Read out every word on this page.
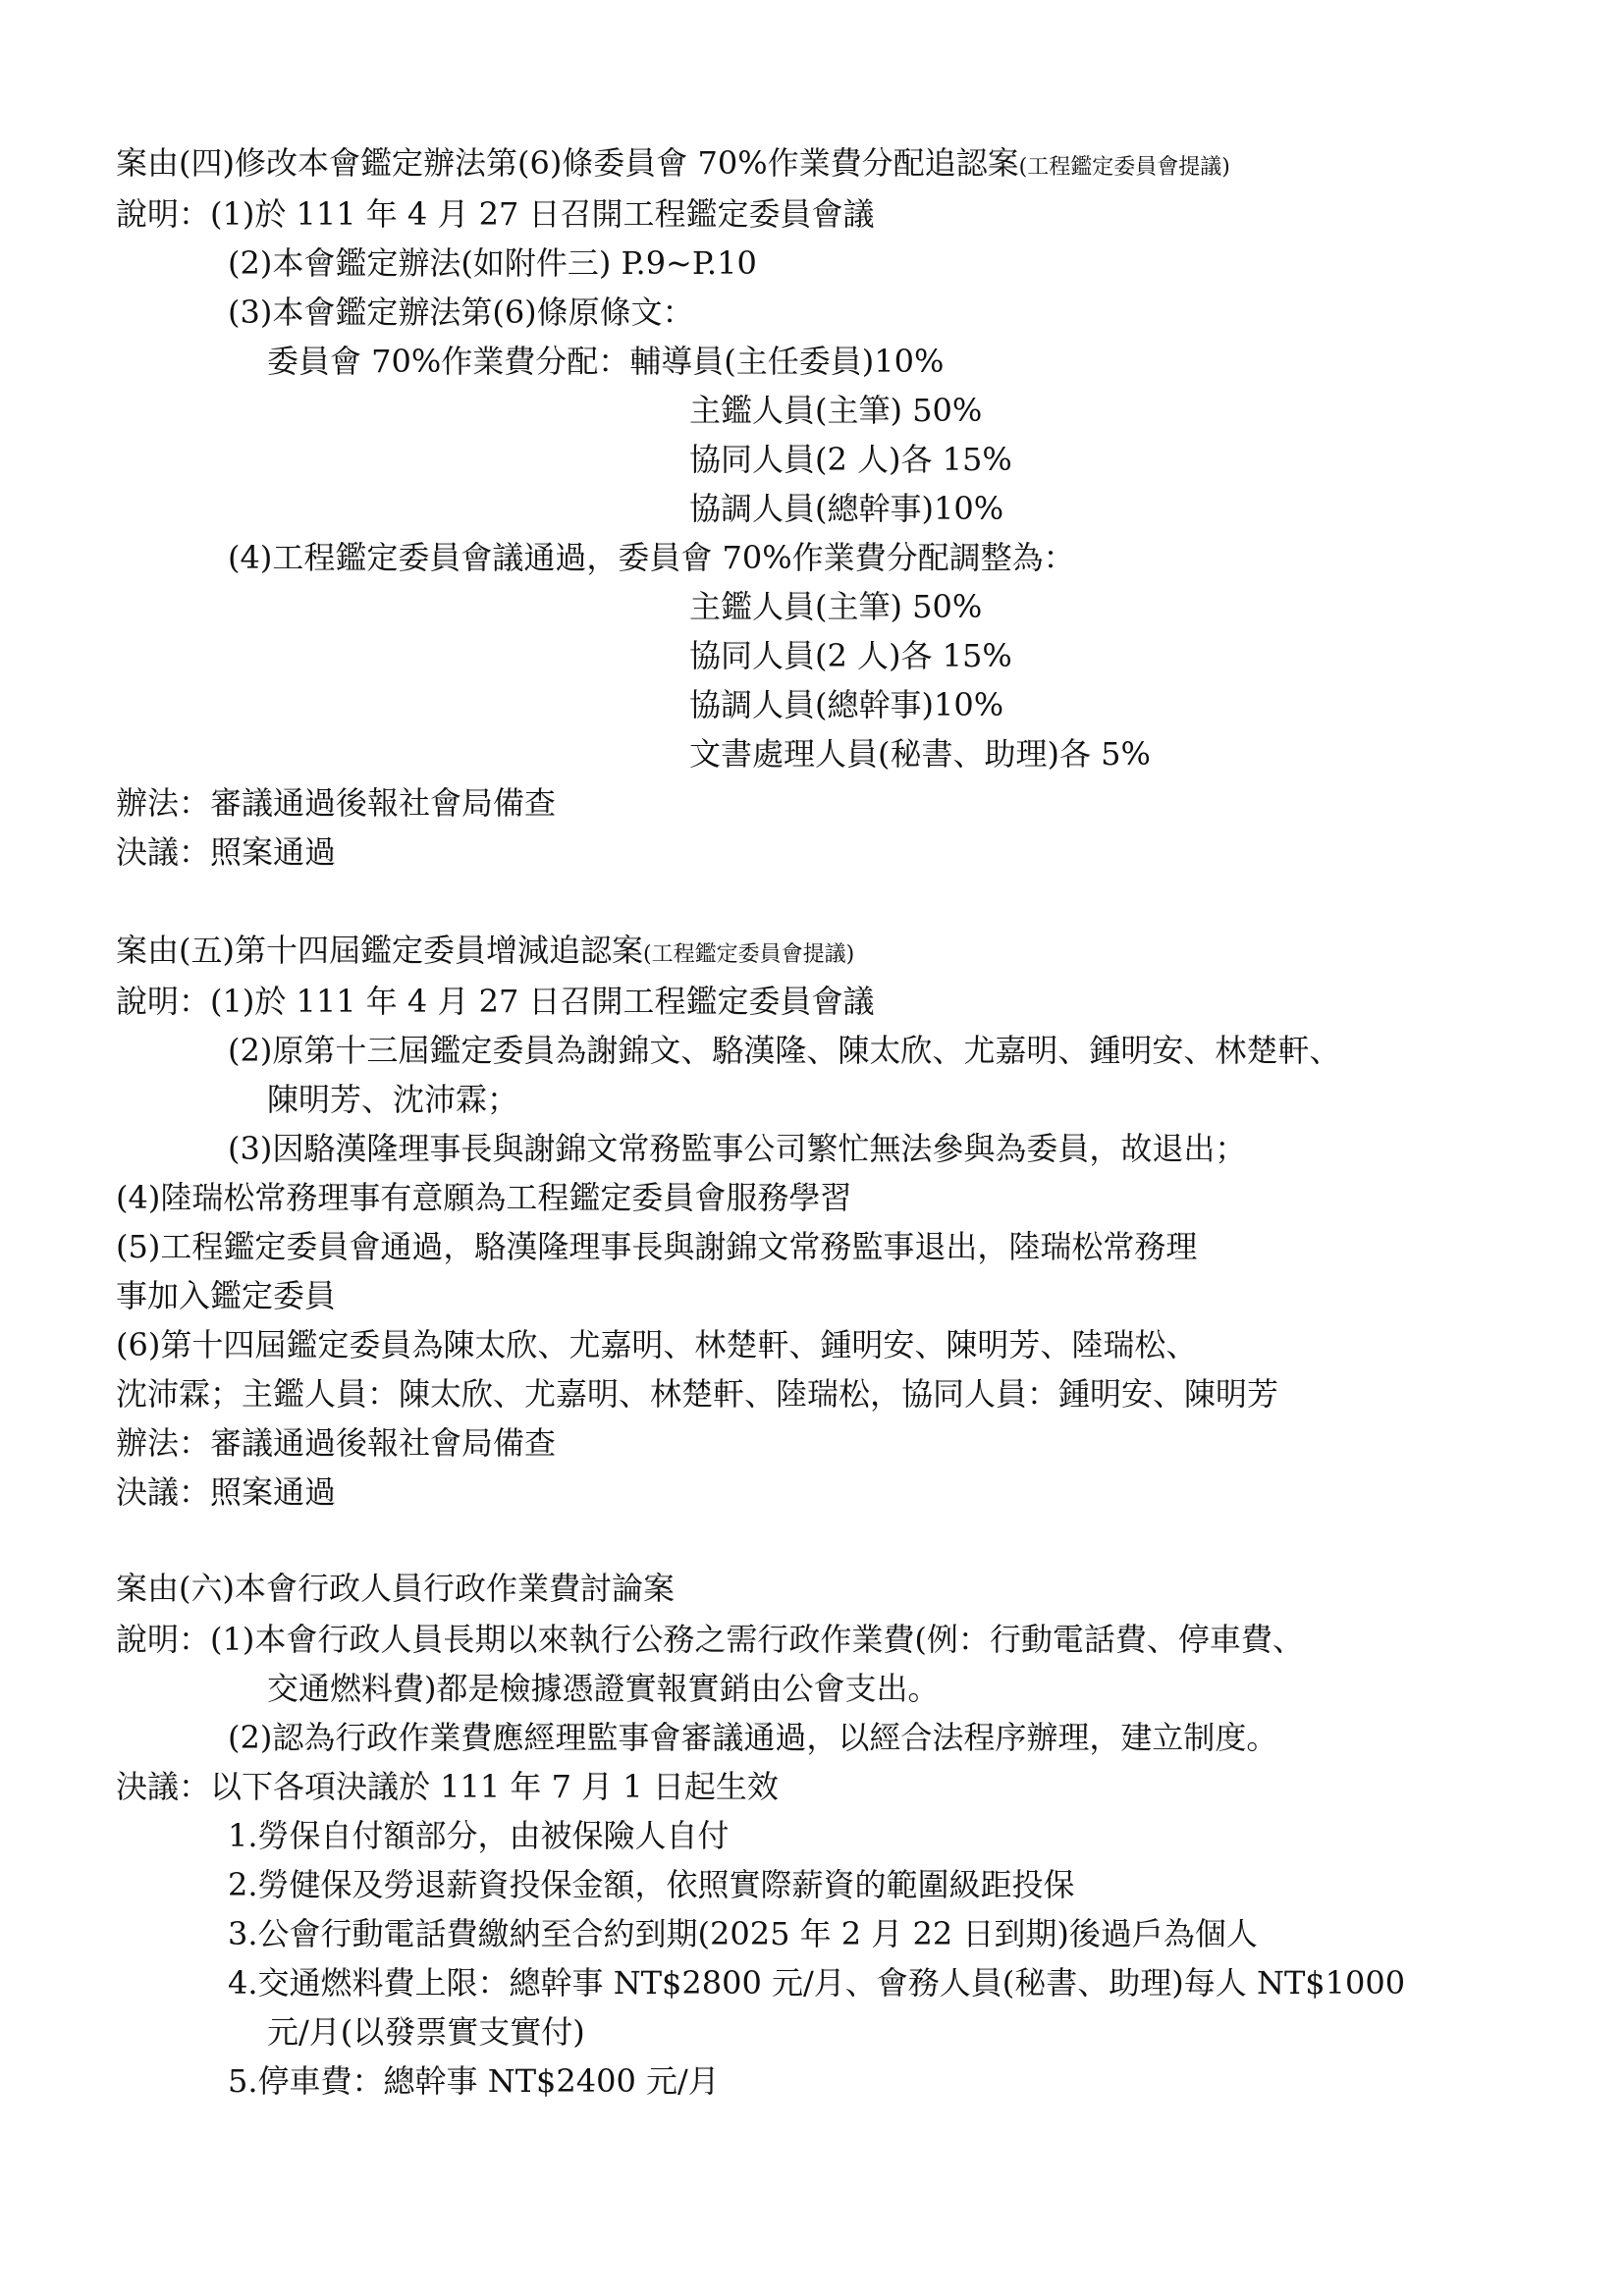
案由(四)修改本會鑑定辦法第(6)條委員會 70%作業費分配追認案(工程鑑定委員會提議)
說明：(1)於 111 年 4 月 27 日召開工程鑑定委員會議
(2)本會鑑定辦法(如附件三) P.9~P.10
(3)本會鑑定辦法第(6)條原條文：
委員會 70%作業費分配：輔導員(主任委員)10%
主鑑人員(主筆) 50%
協同人員(2 人)各 15%
協調人員(總幹事)10%
(4)工程鑑定委員會議通過，委員會 70%作業費分配調整為：
主鑑人員(主筆) 50%
協同人員(2 人)各 15%
協調人員(總幹事)10%
文書處理人員(秘書、助理)各 5%
辦法：審議通過後報社會局備查
決議：照案通過
案由(五)第十四屆鑑定委員增減追認案(工程鑑定委員會提議)
說明：(1)於 111 年 4 月 27 日召開工程鑑定委員會議
(2)原第十三屆鑑定委員為謝錦文、駱漢隆、陳太欣、尤嘉明、鍾明安、林楚軒、
陳明芳、沈沛霖；
(3)因駱漢隆理事長與謝錦文常務監事公司繁忙無法參與為委員，故退出；
(4)陸瑞松常務理事有意願為工程鑑定委員會服務學習
(5)工程鑑定委員會通過，駱漢隆理事長與謝錦文常務監事退出，陸瑞松常務理
事加入鑑定委員
(6)第十四屆鑑定委員為陳太欣、尤嘉明、林楚軒、鍾明安、陳明芳、陸瑞松、
沈沛霖；主鑑人員：陳太欣、尤嘉明、林楚軒、陸瑞松，協同人員：鍾明安、陳明芳
辦法：審議通過後報社會局備查
決議：照案通過
案由(六)本會行政人員行政作業費討論案
說明：(1)本會行政人員長期以來執行公務之需行政作業費(例：行動電話費、停車費、
交通燃料費)都是檢據憑證實報實銷由公會支出。
(2)認為行政作業費應經理監事會審議通過，以經合法程序辦理，建立制度。
決議：以下各項決議於 111 年 7 月 1 日起生效
1.勞保自付額部分，由被保險人自付
2.勞健保及勞退薪資投保金額，依照實際薪資的範圍級距投保
3.公會行動電話費繳納至合約到期(2025 年 2 月 22 日到期)後過戶為個人
4.交通燃料費上限：總幹事 NT$2800 元/月、會務人員(秘書、助理)每人 NT$1000
元/月(以發票實支實付)
5.停車費：總幹事 NT$2400 元/月
